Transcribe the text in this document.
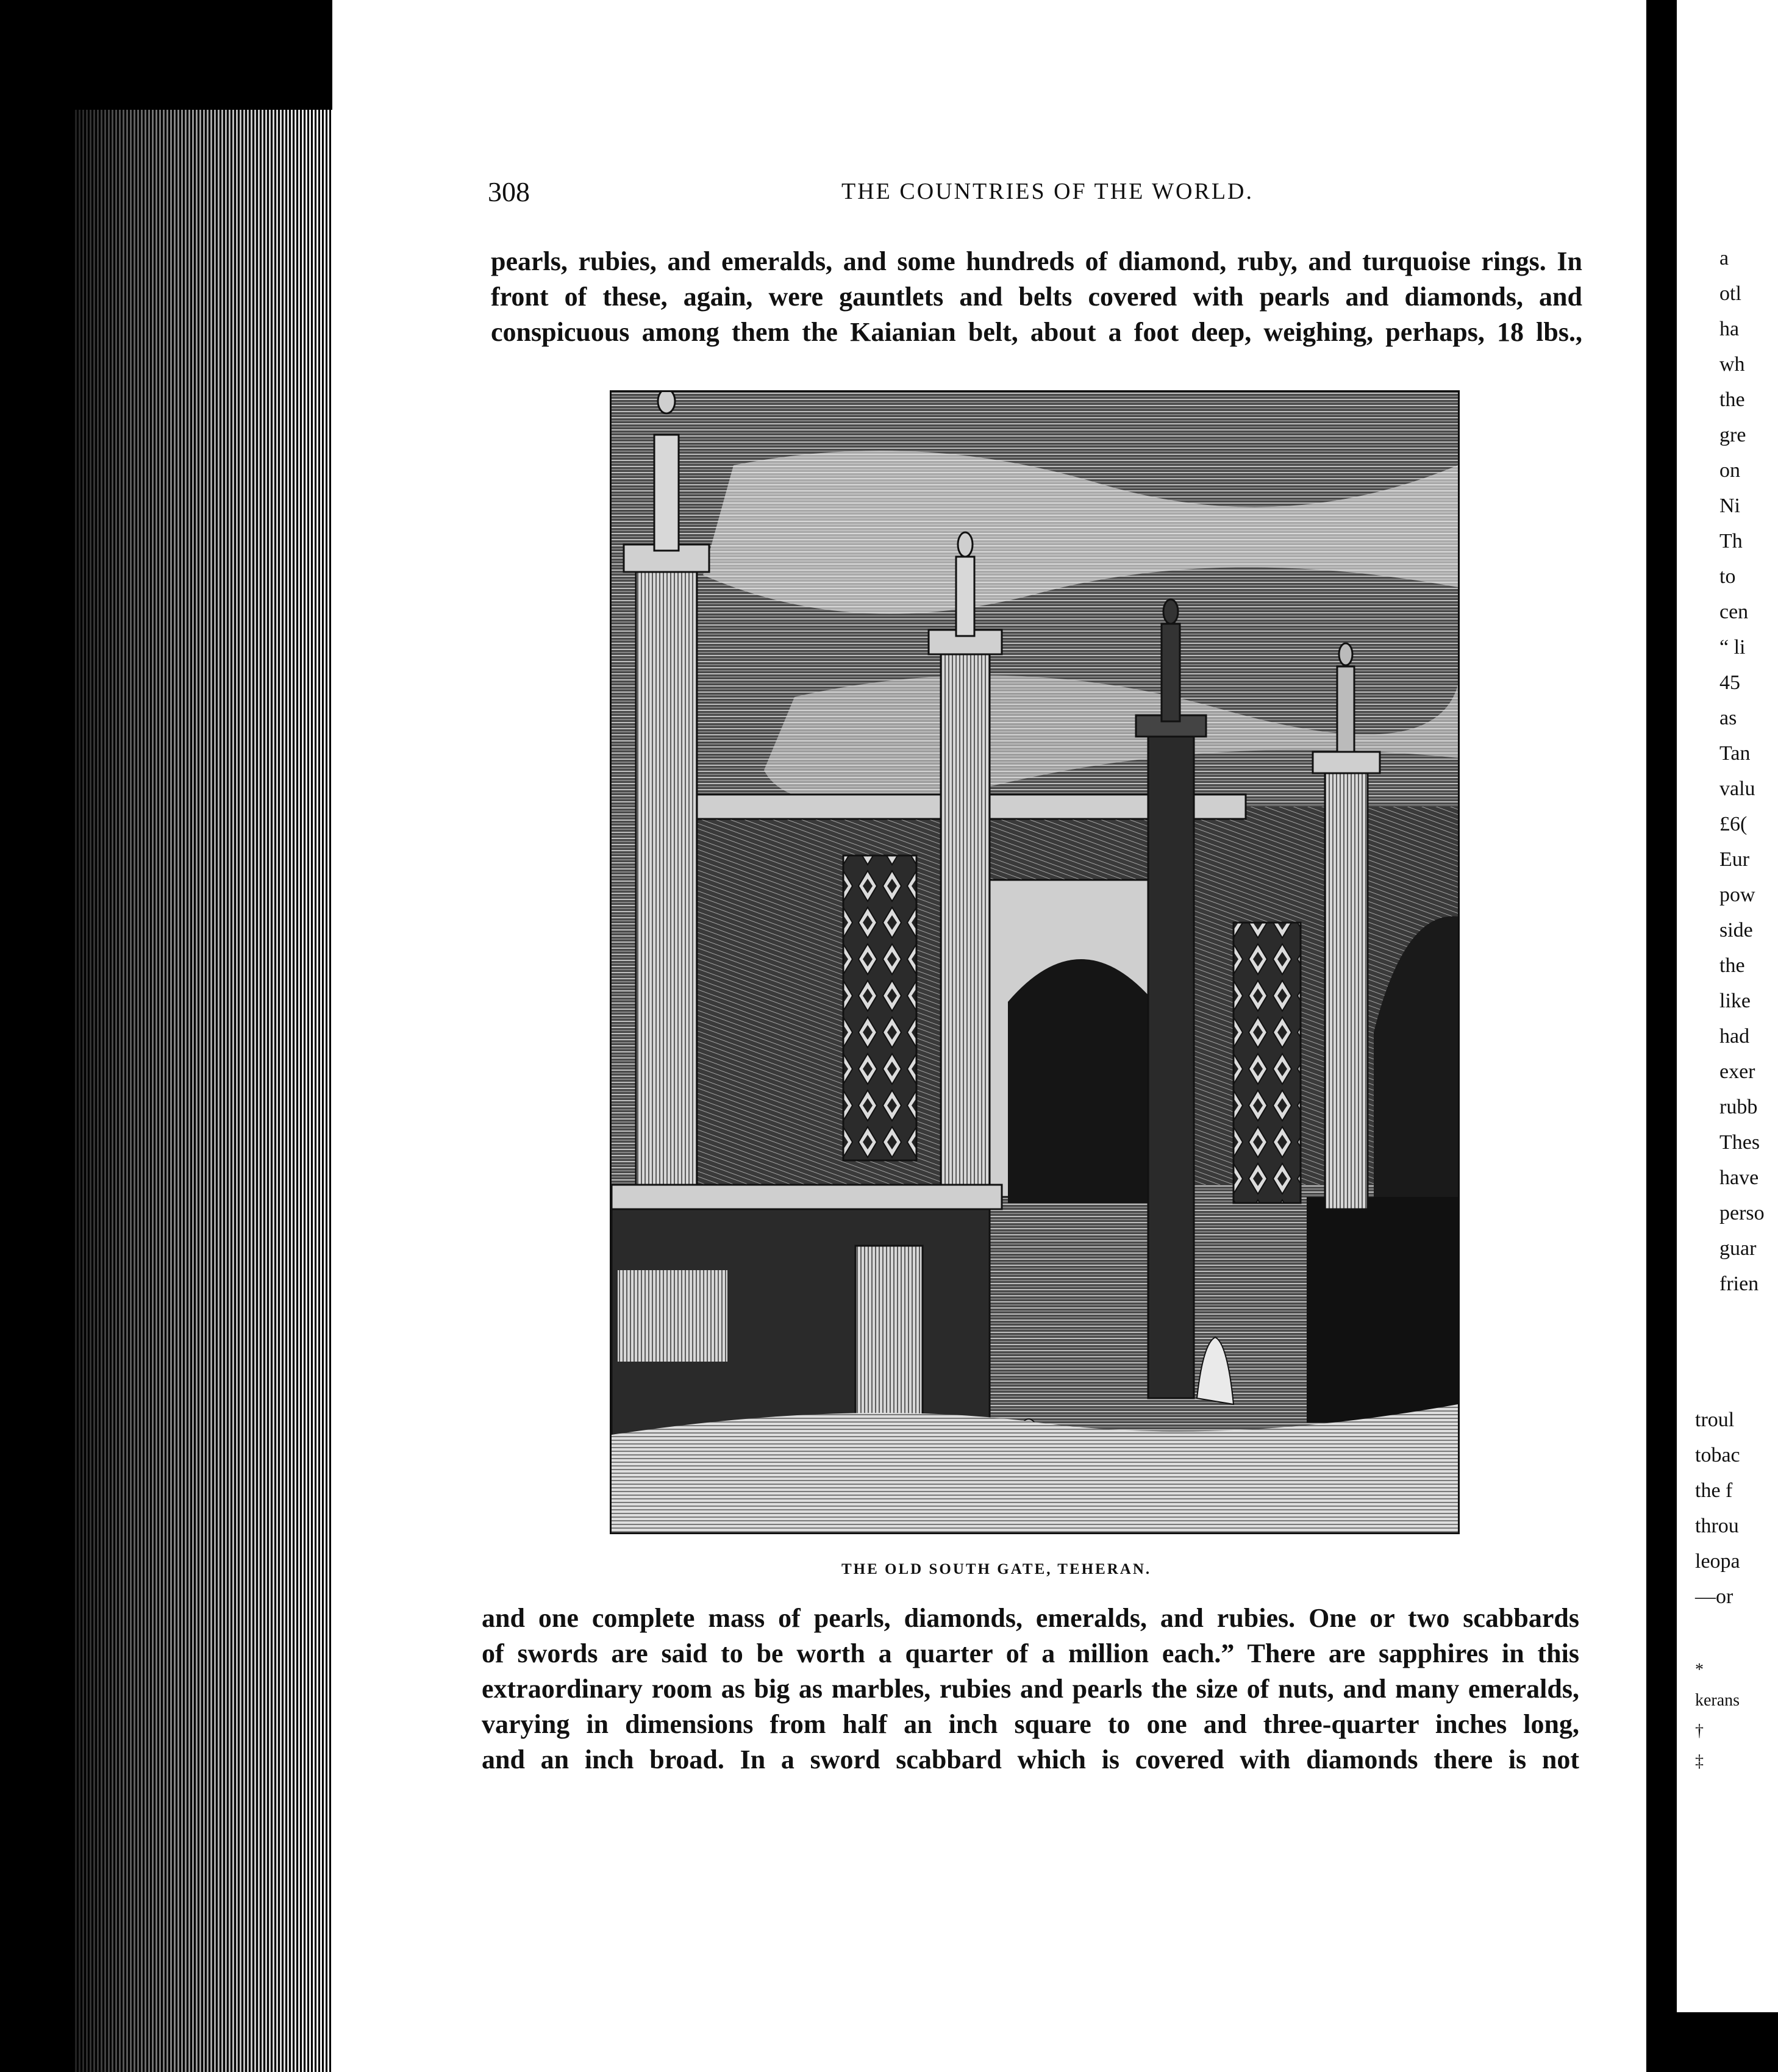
308	THE COUNTRIES OF THE WORLD.
pearls, rubies, and emeralds, and some hundreds of diamond, ruby, and turquoise rings. In
front of these, again, were gauntlets and belts covered with pearls and diamonds, and
conspicuous among them the Kaianian belt, about a foot deep, weighing, perhaps, 18 lbs.,
THE OLD SOUTH GATE, TEHERAN.
and one complete mass of pearls, diamonds, emeralds, and rubies. One or two scabbards
of swords are said to be worth a quarter of a million each.” There are sapphires in this
extraordinary room as big as marbles, rubies and pearls the size of nuts, and many emeralds,
varying in dimensions from half an inch square to one and three-quarter inches long,
and an inch broad. In a sword scabbard which is covered with diamonds there is not
a
otl
ha
wh
the
gre
on
Ni
Th
to
cen
“ li
45
as
Tan
valu
£6(
Eur
pow
side
the
like
had
exer
rubb
Thes
have
perso
guar
frien
troul
tobac
the f
throu
leopa
—or
*
kerans
†
‡
